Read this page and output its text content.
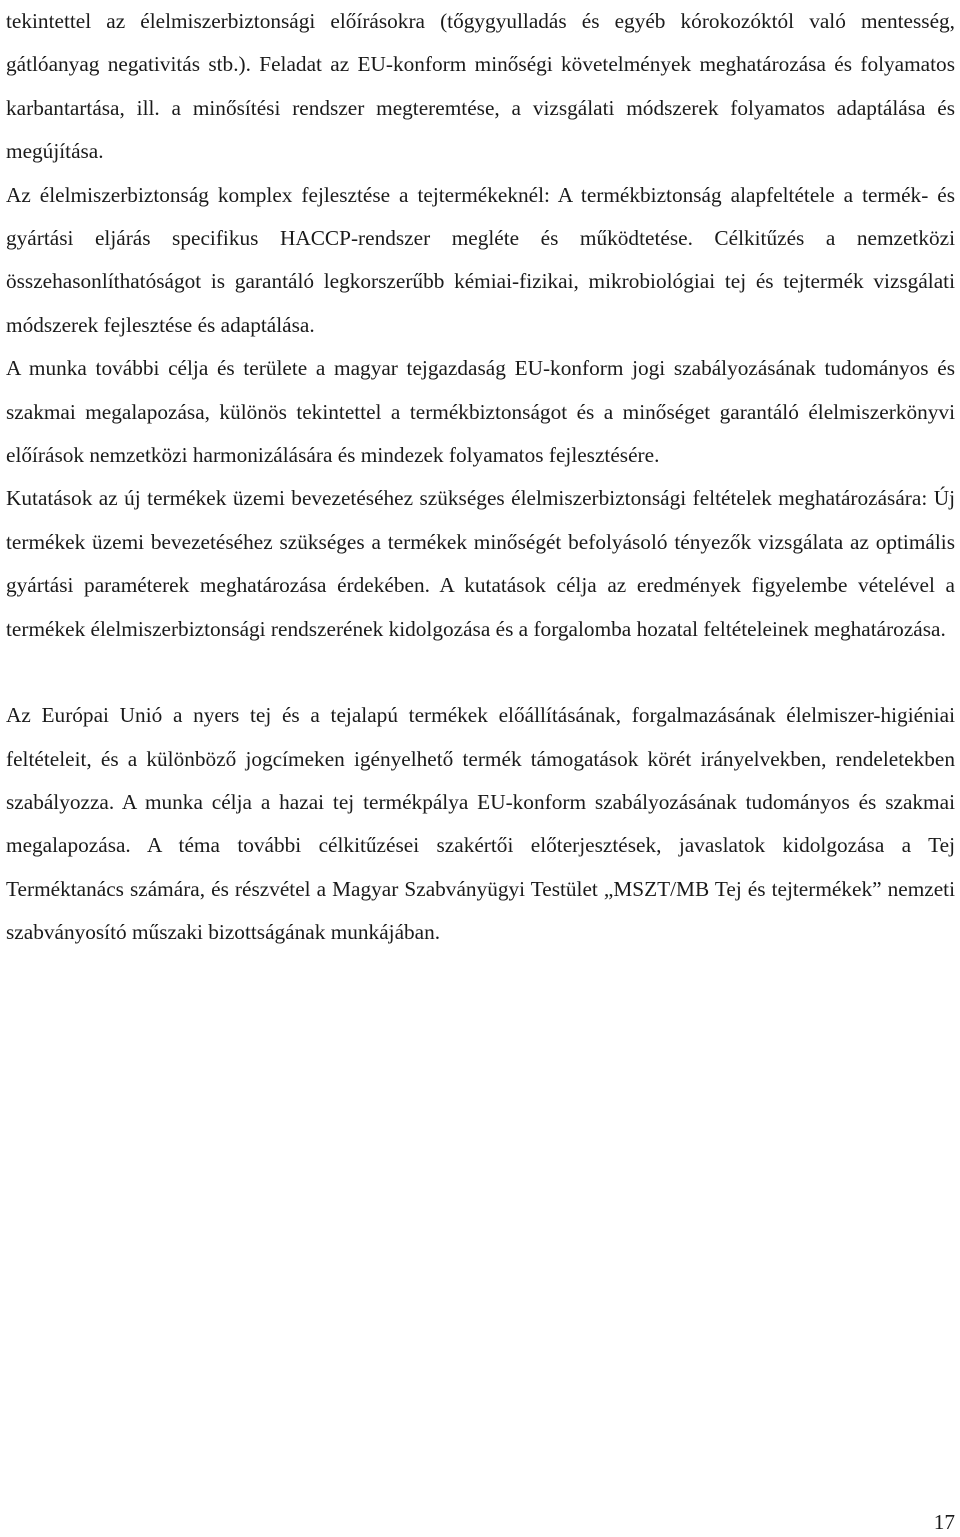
tekintettel az élelmiszerbiztonsági előírásokra (tőgygyulladás és egyéb kórokozóktól való mentesség, gátlóanyag negativitás stb.). Feladat az EU-konform minőségi követelmények meghatározása és folyamatos karbantartása, ill. a minősítési rendszer megteremtése, a vizsgálati módszerek folyamatos adaptálása és megújítása.

Az élelmiszerbiztonság komplex fejlesztése a tejtermékeknél: A termékbiztonság alapfeltétele a termék- és gyártási eljárás specifikus HACCP-rendszer megléte és működtetése. Célkitűzés a nemzetközi összehasonlíthatóságot is garantáló legkorszerűbb kémiai-fizikai, mikrobiológiai tej és tejtermék vizsgálati módszerek fejlesztése és adaptálása.

A munka további célja és területe a magyar tejgazdaság EU-konform jogi szabályozásának tudományos és szakmai megalapozása, különös tekintettel a termékbiztonságot és a minőséget garantáló élelmiszerkönyvi előírások nemzetközi harmonizálására és mindezek folyamatos fejlesztésére.

Kutatások az új termékek üzemi bevezetéséhez szükséges élelmiszerbiztonsági feltételek meghatározására: Új termékek üzemi bevezetéséhez szükséges a termékek minőségét befolyásoló tényezők vizsgálata az optimális gyártási paraméterek meghatározása érdekében. A kutatások célja az eredmények figyelembe vételével a termékek élelmiszerbiztonsági rendszerének kidolgozása és a forgalomba hozatal feltételeinek meghatározása.

Az Európai Unió a nyers tej és a tejalapú termékek előállításának, forgalmazásának élelmiszer-higiéniai feltételeit, és a különböző jogcímeken igényelhető termék támogatások körét irányelvekben, rendeletekben szabályozza. A munka célja a hazai tej termékpálya EU-konform szabályozásának tudományos és szakmai megalapozása. A téma további célkitűzései szakértői előterjesztések, javaslatok kidolgozása a Tej Terméktanács számára, és részvétel a Magyar Szabványügyi Testület „MSZT/MB Tej és tejtermékek” nemzeti szabványosító műszaki bizottságának munkájában.

17
